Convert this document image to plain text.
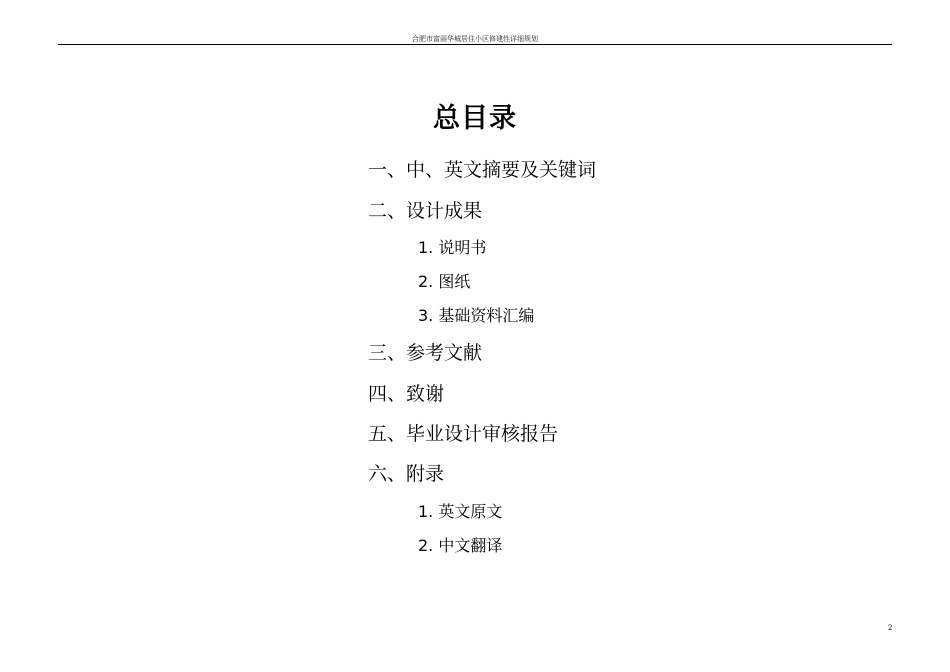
合肥市富丽华城居住小区修建性详细规划
总目录
一、中、英文摘要及关键词
二、设计成果
1. 说明书
2. 图纸
3. 基础资料汇编
三、参考文献
四、致谢
五、毕业设计审核报告
六、附录
1. 英文原文
2. 中文翻译
2
